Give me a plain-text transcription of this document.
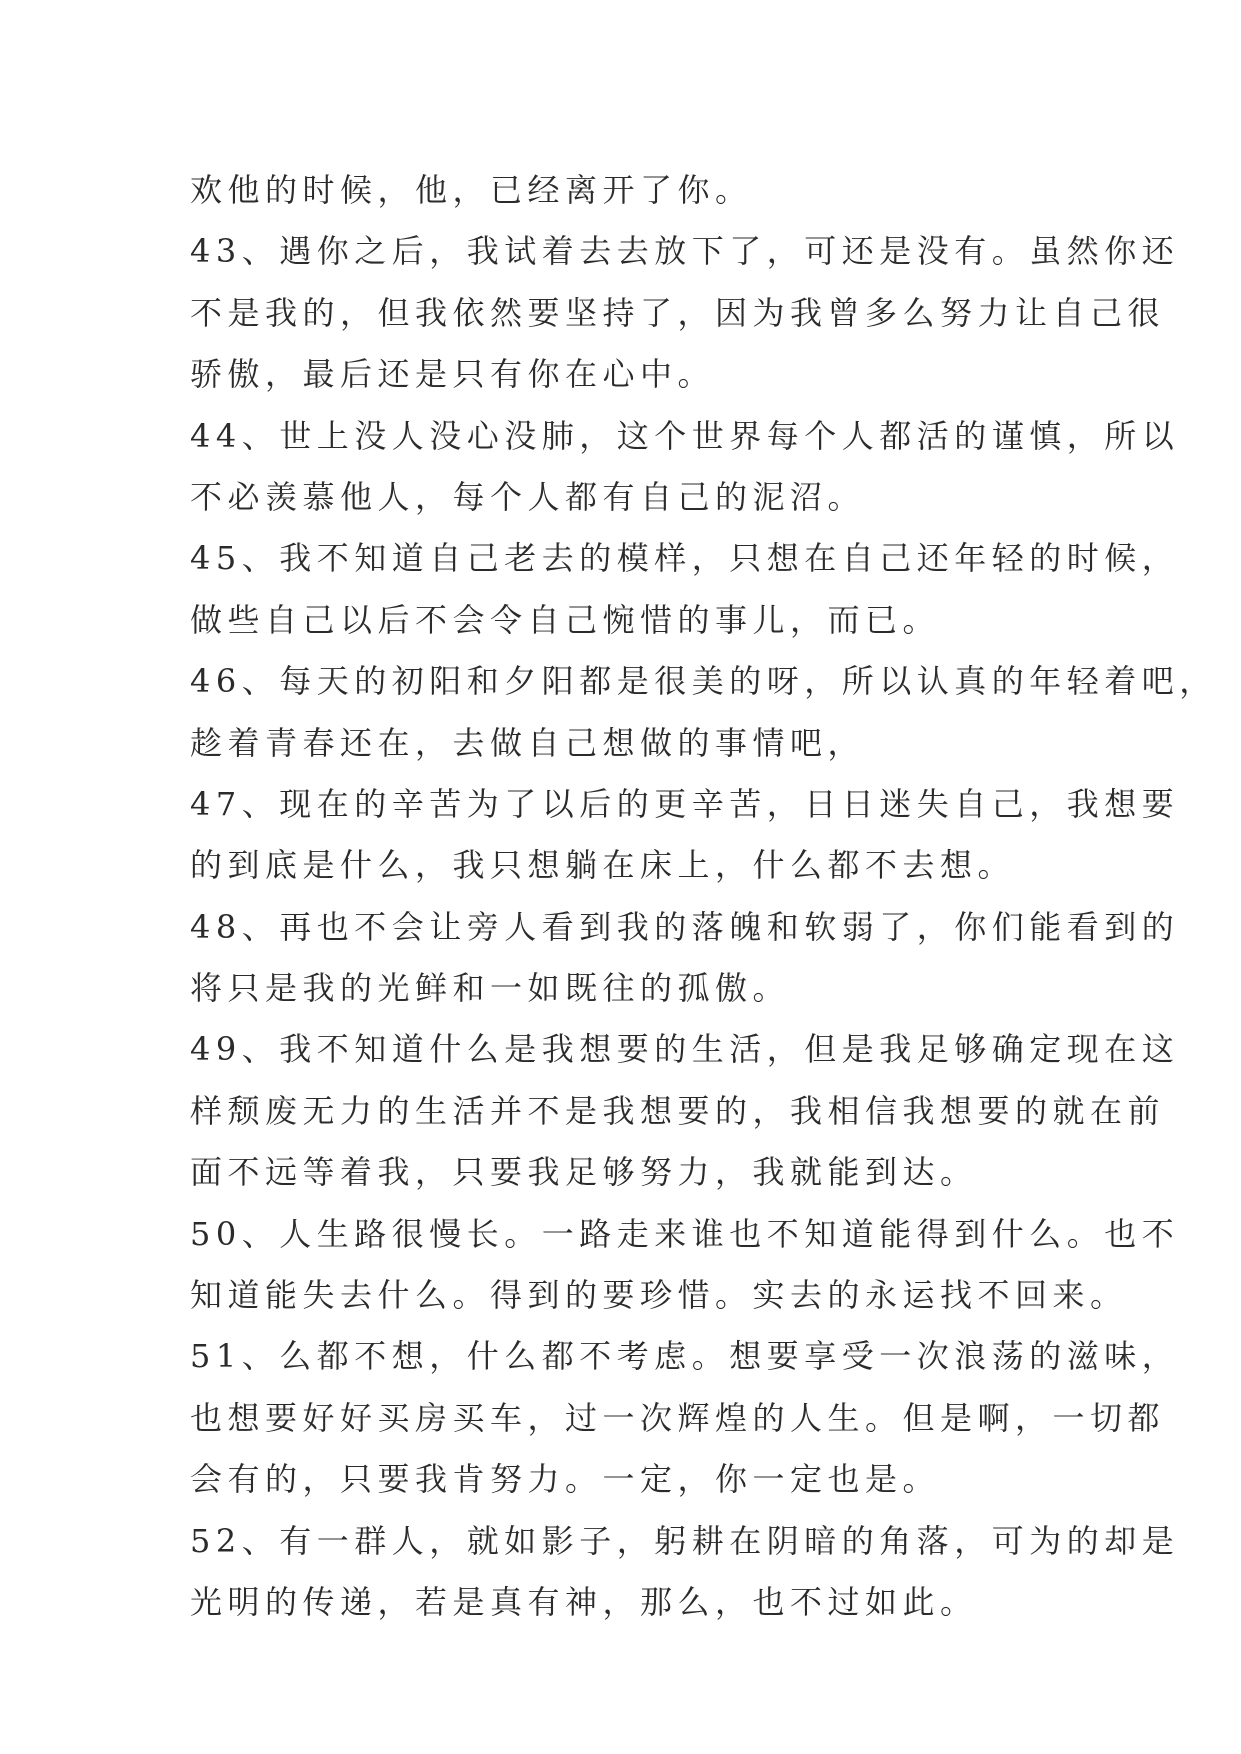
欢他的时候，他，已经离开了你。
43、遇你之后，我试着去去放下了，可还是没有。虽然你还
不是我的，但我依然要坚持了，因为我曾多么努力让自己很
骄傲，最后还是只有你在心中。
44、世上没人没心没肺，这个世界每个人都活的谨慎，所以
不必羡慕他人，每个人都有自己的泥沼。
45、我不知道自己老去的模样，只想在自己还年轻的时候，
做些自己以后不会令自己惋惜的事儿，而已。
46、每天的初阳和夕阳都是很美的呀，所以认真的年轻着吧，
趁着青春还在，去做自己想做的事情吧，
47、现在的辛苦为了以后的更辛苦，日日迷失自己，我想要
的到底是什么，我只想躺在床上，什么都不去想。
48、再也不会让旁人看到我的落魄和软弱了，你们能看到的
将只是我的光鲜和一如既往的孤傲。
49、我不知道什么是我想要的生活，但是我足够确定现在这
样颓废无力的生活并不是我想要的，我相信我想要的就在前
面不远等着我，只要我足够努力，我就能到达。
50、人生路很慢长。一路走来谁也不知道能得到什么。也不
知道能失去什么。得到的要珍惜。实去的永运找不回来。
51、么都不想，什么都不考虑。想要享受一次浪荡的滋味，
也想要好好买房买车，过一次辉煌的人生。但是啊，一切都
会有的，只要我肯努力。一定，你一定也是。
52、有一群人，就如影子，躬耕在阴暗的角落，可为的却是
光明的传递，若是真有神，那么，也不过如此。
